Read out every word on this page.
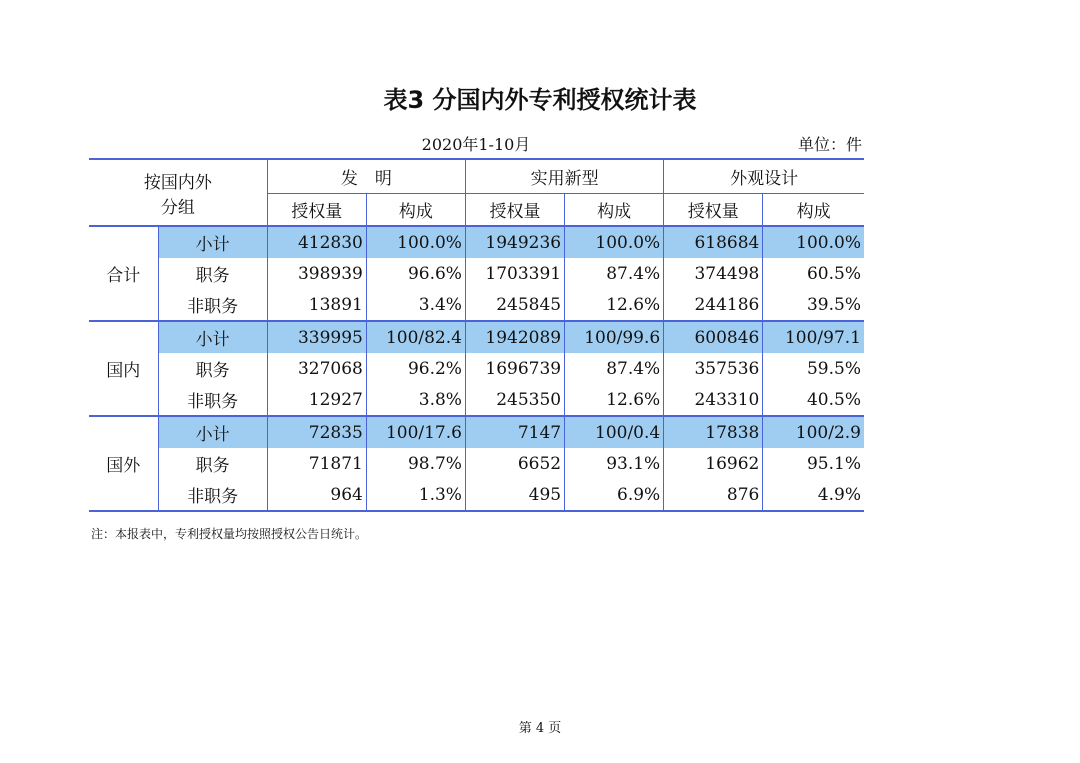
表3 分国内外专利授权统计表
2020年1-10月	单位：件
按国内外
分组		发　明		实用新型		外观设计	
		授权量	构成	授权量	构成	授权量	构成
合计	小计	412830	100.0%	1949236	100.0%	618684	100.0%
	职务	398939	96.6%	1703391	87.4%	374498	60.5%
	非职务	13891	3.4%	245845	12.6%	244186	39.5%
国内	小计	339995	100/82.4	1942089	100/99.6	600846	100/97.1
	职务	327068	96.2%	1696739	87.4%	357536	59.5%
	非职务	12927	3.8%	245350	12.6%	243310	40.5%
国外	小计	72835	100/17.6	7147	100/0.4	17838	100/2.9
	职务	71871	98.7%	6652	93.1%	16962	95.1%
	非职务	964	1.3%	495	6.9%	876	4.9%
注：本报表中，专利授权量均按照授权公告日统计。
第 4 页
